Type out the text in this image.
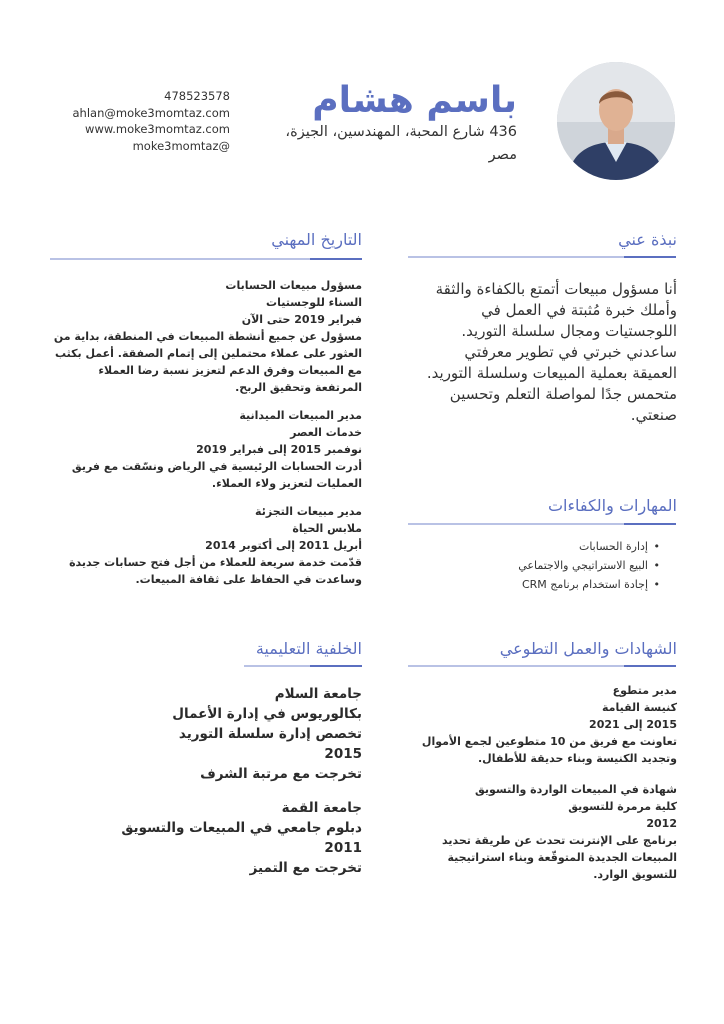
باسم هشام
436 شارع المحبة، المهندسين، الجيزة، مصر
478523578
ahlan@moke3momtaz.com
www.moke3momtaz.com
moke3momtaz@
نبذة عني
أنا مسؤول مبيعات أتمتع بالكفاءة والثقة وأملك خبرة مُثبتة في العمل في اللوجستيات ومجال سلسلة التوريد. ساعدني خبرتي في تطوير معرفتي العميقة بعملية المبيعات وسلسلة التوريد. متحمس جدًا لمواصلة التعلم وتحسين صنعتي.
التاريخ المهني
مسؤول مبيعات الحسابات
السناء للوجستيات
فبراير 2019 حتى الآن
مسؤول عن جميع أنشطة المبيعات في المنطقة، بداية من العثور على عملاء محتملين إلى إتمام الصفقة. أعمل بكثب مع المبيعات وفرق الدعم لتعزيز نسبة رضا العملاء المرتفعة وتحقيق الربح.
مدير المبيعات الميدانية
خدمات العصر
نوفمبر 2015 إلى فبراير 2019
أدرت الحسابات الرئيسية في الرياض ونسّقت مع فريق العمليات لتعزيز ولاء العملاء.
مدير مبيعات التجزئة
ملابس الحياة
أبريل 2011 إلى أكتوبر 2014
قدّمت خدمة سريعة للعملاء من أجل فتح حسابات جديدة وساعدت في الحفاظ على ثقافة المبيعات.
المهارات والكفاءات
• إدارة الحسابات
• البيع الاستراتيجي والاجتماعي
• إجادة استخدام برنامج CRM
الخلفية التعليمية
جامعة السلام
بكالوريوس في إدارة الأعمال
تخصص إدارة سلسلة التوريد
2015
تخرجت مع مرتبة الشرف
جامعة القمة
دبلوم جامعي في المبيعات والتسويق
2011
تخرجت مع التميز
الشهادات والعمل التطوعي
مدير متطوع
كنيسة القيامة
2015 إلى 2021
تعاونت مع فريق من 10 متطوعين لجمع الأموال وتجديد الكنيسة وبناء حديقة للأطفال.
شهادة في المبيعات الواردة والتسويق
كلية مرمرة للتسويق
2012
برنامج على الإنترنت تحدث عن طريقة تحديد المبيعات الجديدة المتوقّعة وبناء استراتيجية للتسويق الوارد.
